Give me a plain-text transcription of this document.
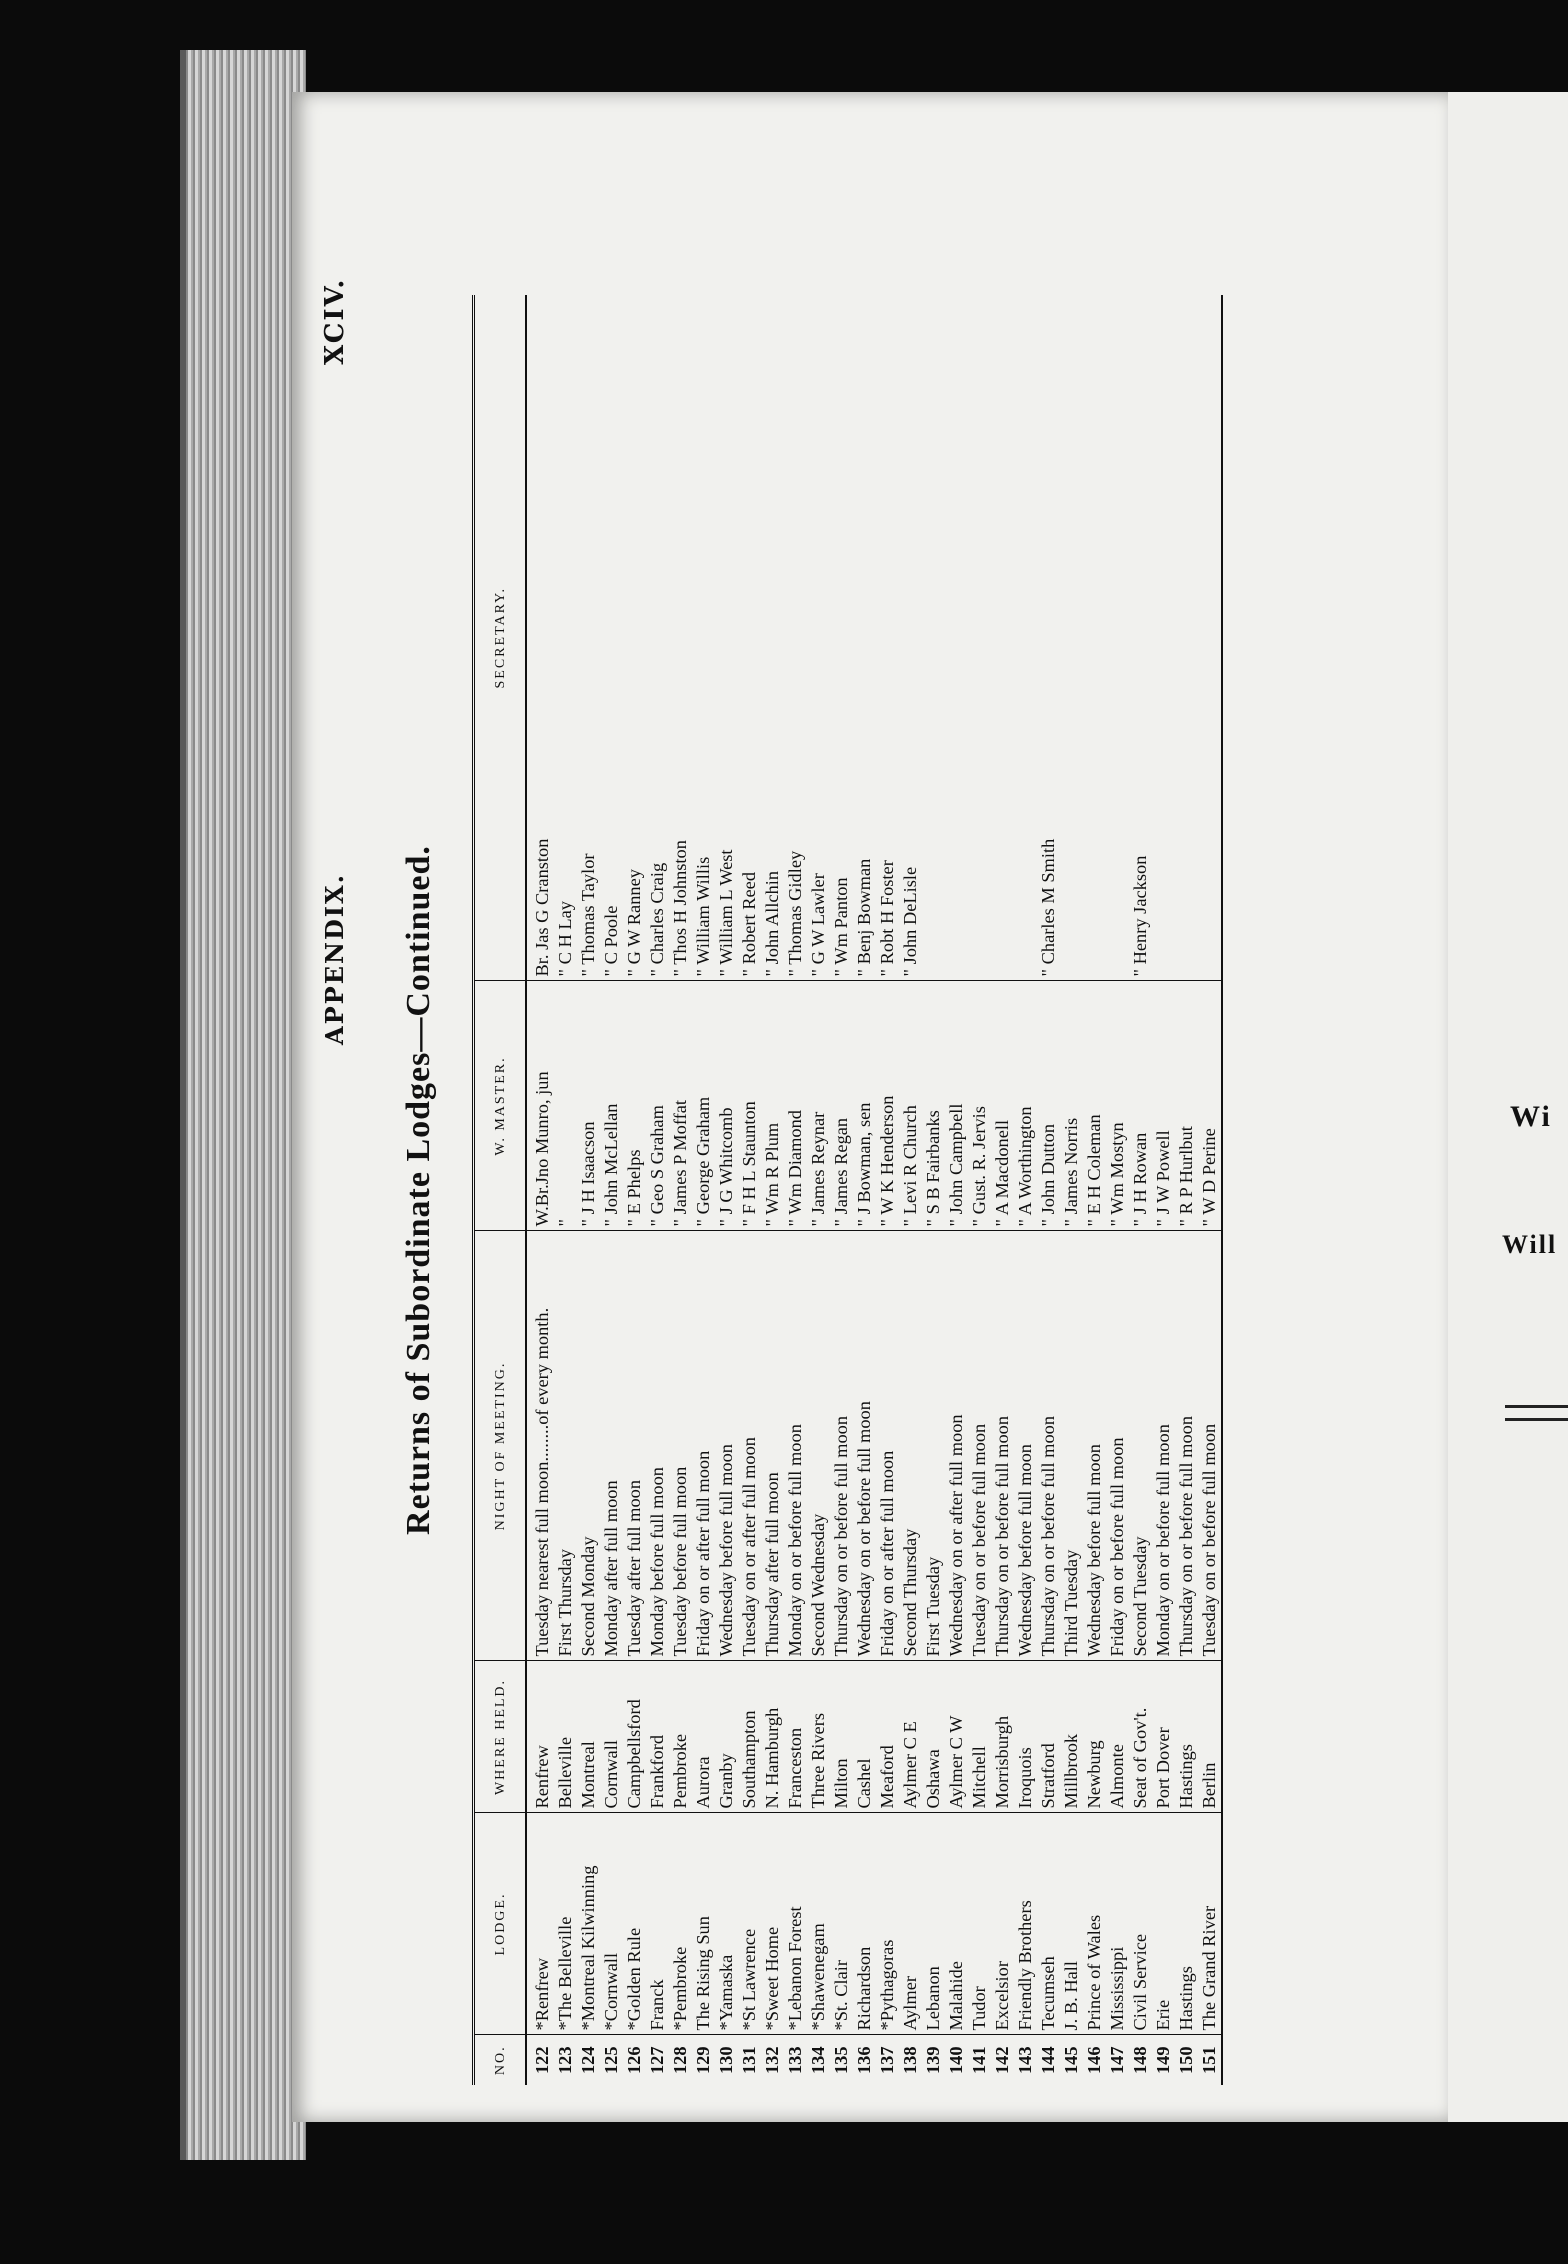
Wi
Will
XCIV.
APPENDIX. Returns of Subordinate Lodges—Continued.
NO.	LODGE.	WHERE HELD.	NIGHT OF MEETING.	W. MASTER.	SECRETARY.
122	*Renfrew	Renfrew	Tuesday nearest full moon........of every month.	W.Br.Jno Munro, jun	Br. Jas G Cranston
123	*The Belleville	Belleville	First Thursday	"	" C H Lay
124	*Montreal Kilwinning	Montreal	Second Monday	" J H Isaacson	" Thomas Taylor
125	*Cornwall	Cornwall	Monday after full moon	" John McLellan	" C Poole
126	*Golden Rule	Campbellsford	Tuesday after full moon	" E Phelps	" G W Ranney
127	Franck	Frankford	Monday before full moon	" Geo S Graham	" Charles Craig
128	*Pembroke	Pembroke	Tuesday before full moon	" James P Moffat	" Thos H Johnston
129	The Rising Sun	Aurora	Friday on or after full moon	" George Graham	" William Willis
130	*Yamaska	Granby	Wednesday before full moon	" J G Whitcomb	" William L West
131	*St Lawrence	Southampton	Tuesday on or after full moon	" F H L Staunton	" Robert Reed
132	*Sweet Home	N. Hamburgh	Thursday after full moon	" Wm R Plum	" John Allchin
133	*Lebanon Forest	Franceston	Monday on or before full moon	" Wm Diamond	" Thomas Gidley
134	*Shawenegam	Three Rivers	Second Wednesday	" James Reynar	" G W Lawler
135	*St. Clair	Milton	Thursday on or before full moon	" James Regan	" Wm Panton
136	Richardson	Cashel	Wednesday on or before full moon	" J Bowman, sen	" Benj Bowman
137	*Pythagoras	Meaford	Friday on or after full moon	" W K Henderson	" Robt H Foster
138	Aylmer	Aylmer C E	Second Thursday	" Levi R Church	" John DeLisle
139	Lebanon	Oshawa	First Tuesday	" S B Fairbanks	
140	Malahide	Aylmer C W	Wednesday on or after full moon	" John Campbell	
141	Tudor	Mitchell	Tuesday on or before full moon	" Gust. R. Jervis	
142	Excelsior	Morrisburgh	Thursday on or before full moon	" A Macdonell	
143	Friendly Brothers	Iroquois	Wednesday before full moon	" A Worthington	
144	Tecumseh	Stratford	Thursday on or before full moon	" John Dutton	" Charles M Smith
145	J. B. Hall	Millbrook	Third Tuesday	" James Norris	
146	Prince of Wales	Newburg	Wednesday before full moon	" E H Coleman	
147	Mississippi	Almonte	Friday on or before full moon	" Wm Mostyn	
148	Civil Service	Seat of Gov't.	Second Tuesday	" J H Rowan	" Henry Jackson
149	Erie	Port Dover	Monday on or before full moon	" J W Powell	
150	Hastings	Hastings	Thursday on or before full moon	" R P Hurlbut	
151	The Grand River	Berlin	Tuesday on or before full moon	" W D Perine	
